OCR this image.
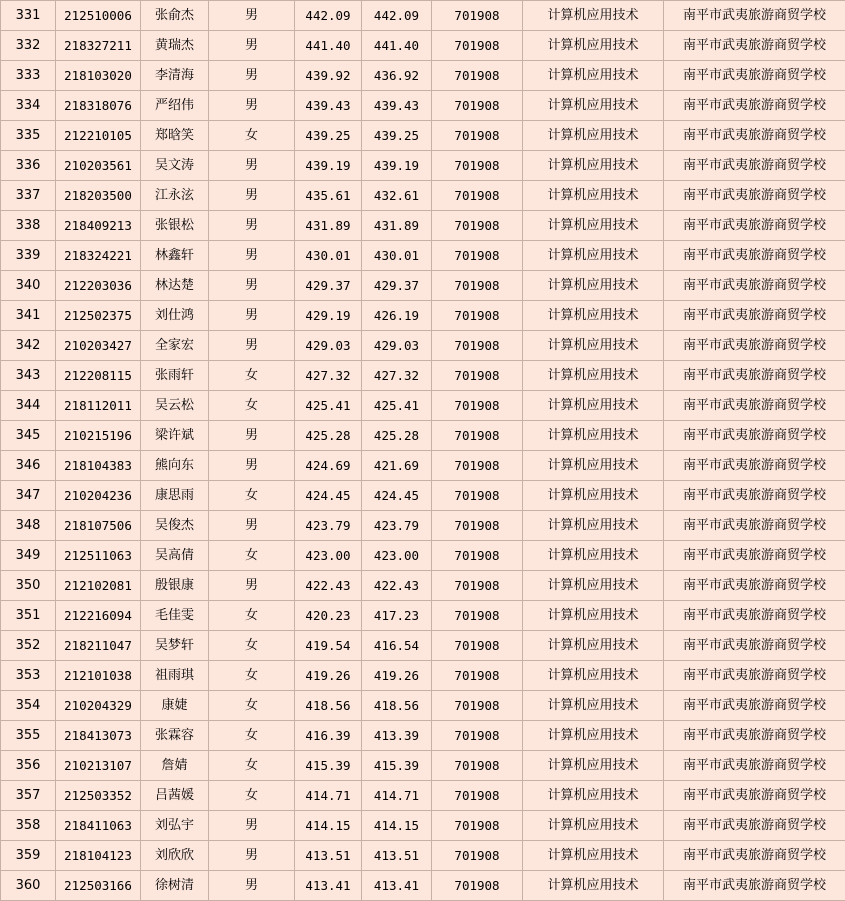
331	212510006	张俞杰	男	442.09	442.09	701908	计算机应用技术	南平市武夷旅游商贸学校
332	218327211	黄瑞杰	男	441.40	441.40	701908	计算机应用技术	南平市武夷旅游商贸学校
333	218103020	李清海	男	439.92	436.92	701908	计算机应用技术	南平市武夷旅游商贸学校
334	218318076	严绍伟	男	439.43	439.43	701908	计算机应用技术	南平市武夷旅游商贸学校
335	212210105	郑晗笑	女	439.25	439.25	701908	计算机应用技术	南平市武夷旅游商贸学校
336	210203561	吴文涛	男	439.19	439.19	701908	计算机应用技术	南平市武夷旅游商贸学校
337	218203500	江永泫	男	435.61	432.61	701908	计算机应用技术	南平市武夷旅游商贸学校
338	218409213	张银松	男	431.89	431.89	701908	计算机应用技术	南平市武夷旅游商贸学校
339	218324221	林鑫轩	男	430.01	430.01	701908	计算机应用技术	南平市武夷旅游商贸学校
340	212203036	林达楚	男	429.37	429.37	701908	计算机应用技术	南平市武夷旅游商贸学校
341	212502375	刘仕鸿	男	429.19	426.19	701908	计算机应用技术	南平市武夷旅游商贸学校
342	210203427	全家宏	男	429.03	429.03	701908	计算机应用技术	南平市武夷旅游商贸学校
343	212208115	张雨轩	女	427.32	427.32	701908	计算机应用技术	南平市武夷旅游商贸学校
344	218112011	吴云松	女	425.41	425.41	701908	计算机应用技术	南平市武夷旅游商贸学校
345	210215196	梁许斌	男	425.28	425.28	701908	计算机应用技术	南平市武夷旅游商贸学校
346	218104383	熊向东	男	424.69	421.69	701908	计算机应用技术	南平市武夷旅游商贸学校
347	210204236	康思雨	女	424.45	424.45	701908	计算机应用技术	南平市武夷旅游商贸学校
348	218107506	吴俊杰	男	423.79	423.79	701908	计算机应用技术	南平市武夷旅游商贸学校
349	212511063	吴高倩	女	423.00	423.00	701908	计算机应用技术	南平市武夷旅游商贸学校
350	212102081	殷银康	男	422.43	422.43	701908	计算机应用技术	南平市武夷旅游商贸学校
351	212216094	毛佳雯	女	420.23	417.23	701908	计算机应用技术	南平市武夷旅游商贸学校
352	218211047	吴梦轩	女	419.54	416.54	701908	计算机应用技术	南平市武夷旅游商贸学校
353	212101038	祖雨琪	女	419.26	419.26	701908	计算机应用技术	南平市武夷旅游商贸学校
354	210204329	康婕	女	418.56	418.56	701908	计算机应用技术	南平市武夷旅游商贸学校
355	218413073	张霖容	女	416.39	413.39	701908	计算机应用技术	南平市武夷旅游商贸学校
356	210213107	詹婧	女	415.39	415.39	701908	计算机应用技术	南平市武夷旅游商贸学校
357	212503352	吕茜媛	女	414.71	414.71	701908	计算机应用技术	南平市武夷旅游商贸学校
358	218411063	刘弘宇	男	414.15	414.15	701908	计算机应用技术	南平市武夷旅游商贸学校
359	218104123	刘欣欣	男	413.51	413.51	701908	计算机应用技术	南平市武夷旅游商贸学校
360	212503166	徐树清	男	413.41	413.41	701908	计算机应用技术	南平市武夷旅游商贸学校
